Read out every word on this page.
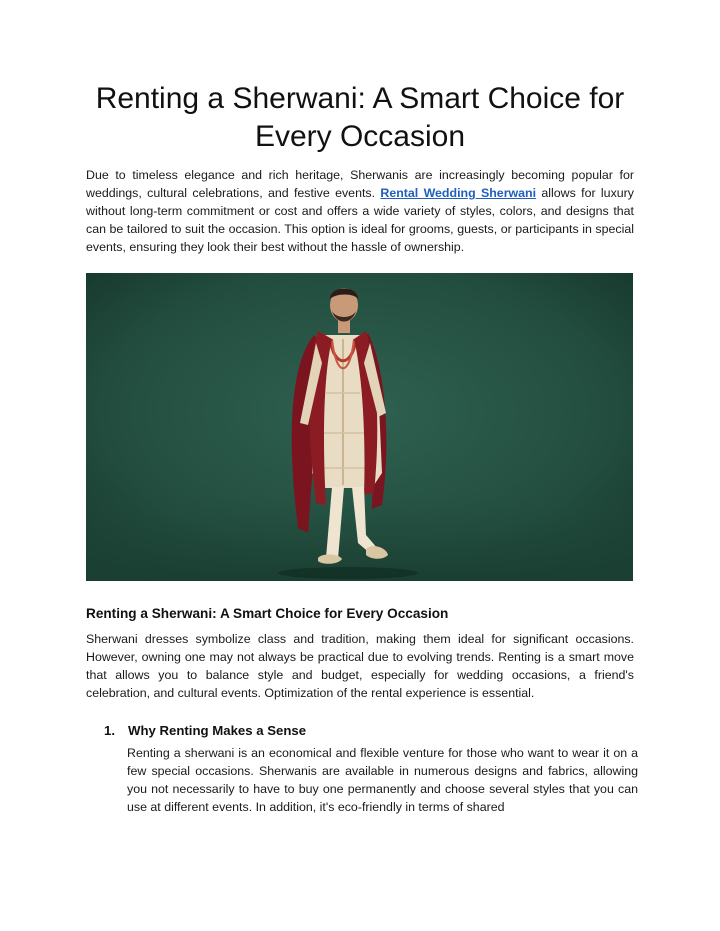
Renting a Sherwani: A Smart Choice for Every Occasion

Due to timeless elegance and rich heritage, Sherwanis are increasingly becoming popular for weddings, cultural celebrations, and festive events. Rental Wedding Sherwani allows for luxury without long-term commitment or cost and offers a wide variety of styles, colors, and designs that can be tailored to suit the occasion. This option is ideal for grooms, guests, or participants in special events, ensuring they look their best without the hassle of ownership.

Renting a Sherwani: A Smart Choice for Every Occasion

Sherwani dresses symbolize class and tradition, making them ideal for significant occasions. However, owning one may not always be practical due to evolving trends. Renting is a smart move that allows you to balance style and budget, especially for wedding occasions, a friend's celebration, and cultural events. Optimization of the rental experience is essential.

1. Why Renting Makes a Sense

Renting a sherwani is an economical and flexible venture for those who want to wear it on a few special occasions. Sherwanis are available in numerous designs and fabrics, allowing you not necessarily to have to buy one permanently and choose several styles that you can use at different events. In addition, it's eco-friendly in terms of shared
